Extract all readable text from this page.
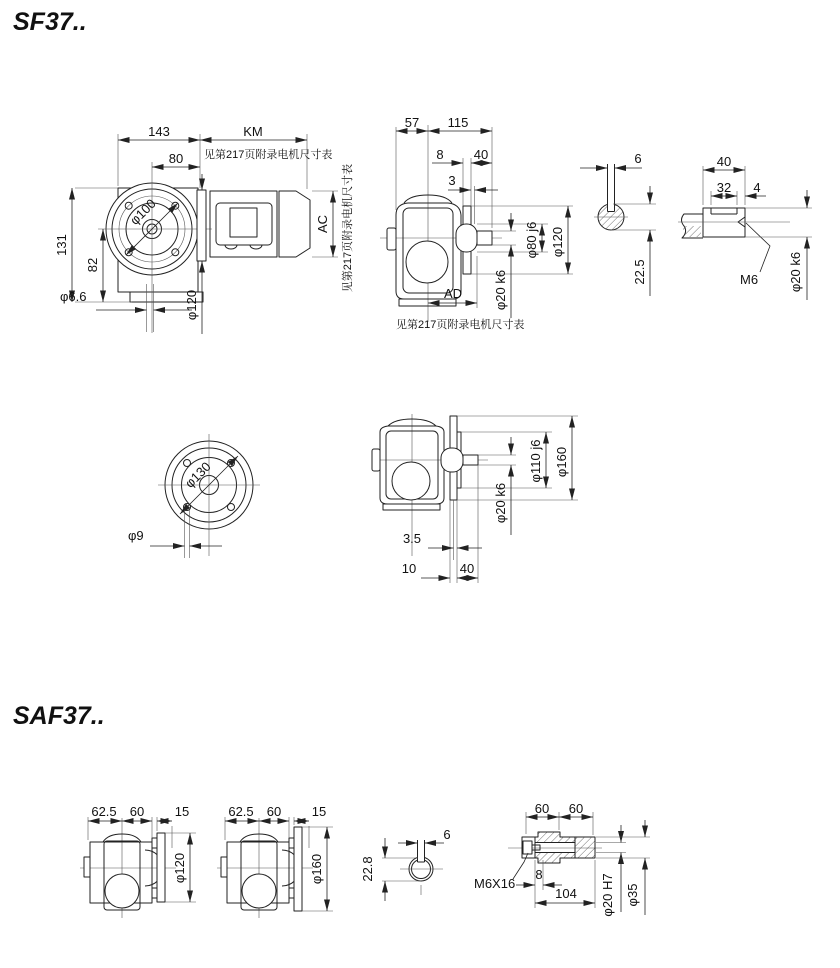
SF37..
SAF37..
143	KM
见第217页附录电机尺寸表
80
φ100
131
82
φ6.6	φ120
AC 见第217页附录电机尺寸表
57 115
8 40
3
φ80 j6 φ120
φ20 k6
AD
见第217页附录电机尺寸表
6
22.5
40
32 4
M6 φ20 k6
φ130
φ9
φ110 j6 φ160
φ20 k6
3.5
10	40
62.5 60 15
φ120
62.5 60 15
φ160
6
22.8
60 60
8
104
M6X16	φ20 H7 φ35
